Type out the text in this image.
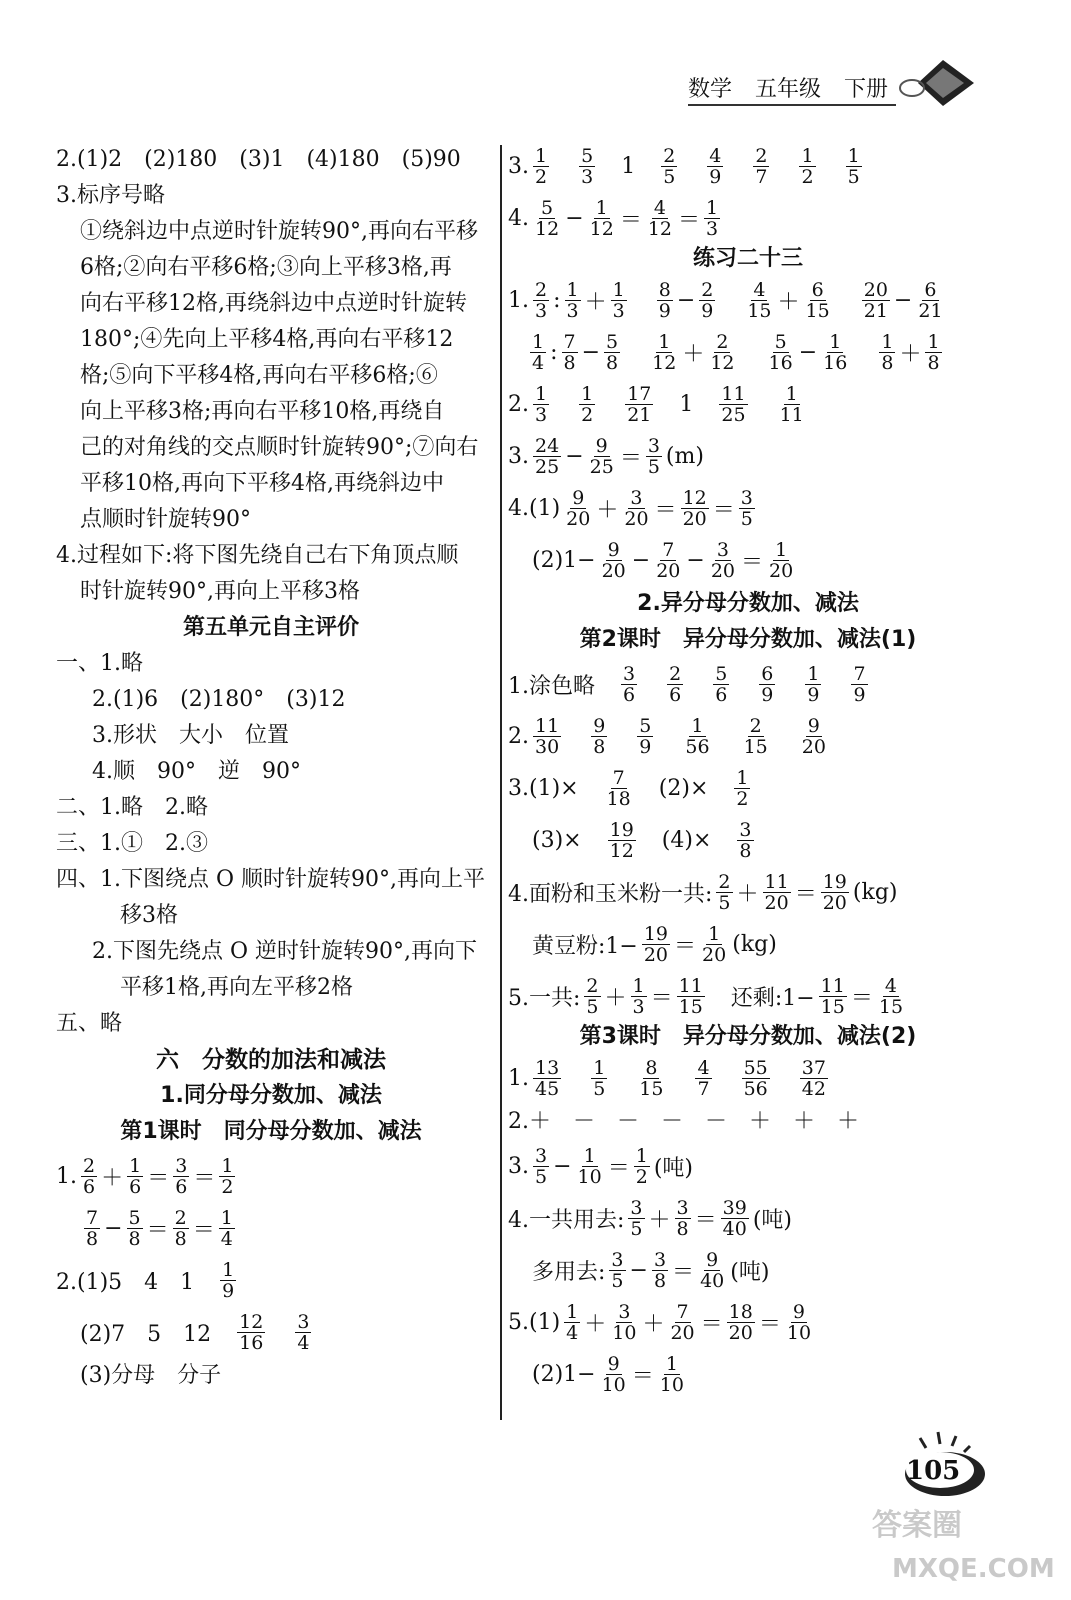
数学 五年级 下册
2.(1)2　(2)180　(3)1　(4)180　(5)90
3.标序号略
①绕斜边中点逆时针旋转90°,再向右平移
6格;②向右平移6格;③向上平移3格,再
向右平移12格,再绕斜边中点逆时针旋转
180°;④先向上平移4格,再向右平移12
格;⑤向下平移4格,再向右平移6格;⑥
向上平移3格;再向右平移10格,再绕自
己的对角线的交点顺时针旋转90°;⑦向右
平移10格,再向下平移4格,再绕斜边中
点顺时针旋转90°
4.过程如下:将下图先绕自己右下角顶点顺
时针旋转90°,再向上平移3格
第五单元自主评价
一、1.略
2.(1)6　(2)180°　(3)12
3.形状　大小　位置
4.顺　90°　逆　90°
二、1.略　2.略
三、1.①　2.③
四、1.下图绕点 O 顺时针旋转90°,再向上平
移3格
2.下图先绕点 O 逆时针旋转90°,再向下
平移1格,再向左平移2格
五、略
六　分数的加法和减法
1.同分母分数加、减法
第1课时　同分母分数加、减法
1. $\frac{2}{6} + \frac{1}{6} = \frac{3}{6} = \frac{1}{2}$
$\frac{7}{8} - \frac{5}{8} = \frac{2}{8} = \frac{1}{4}$
2.(1)5　4　$1 \frac{1}{9}$
(2)7　5　$12 \frac{12}{16} \frac{3}{4}$
(3)分母　分子
3. $\frac{1}{2} \frac{5}{3} 1 \frac{2}{5} \frac{4}{9} \frac{2}{7} \frac{1}{2} \frac{1}{5}$
4. $\frac{5}{12} - \frac{1}{12} = \frac{4}{12} = \frac{1}{3}$
练习二十三
1. $\frac{2}{3}$ : $\frac{1}{3} + \frac{1}{3} \frac{8}{9} - \frac{2}{9} \frac{4}{15} + \frac{6}{15} \frac{20}{21} - \frac{6}{21}$
$\frac{1}{4}$ : $\frac{7}{8} - \frac{5}{8} \frac{1}{12} + \frac{2}{12} \frac{5}{16} - \frac{1}{16} \frac{1}{8} + \frac{1}{8}$
2. $\frac{1}{3} \frac{1}{2} \frac{17}{21} 1 \frac{11}{25} \frac{1}{11}$
3. $\frac{24}{25} - \frac{9}{25} = \frac{3}{5} (m)$
$4.(1) \frac{9}{20} + \frac{3}{20} = \frac{12}{20} = \frac{3}{5}$
$(2)1- \frac{9}{20} - \frac{7}{20} - \frac{3}{20} = \frac{1}{20}$
2.异分母分数加、减法
第2课时　异分母分数加、减法(1)
1.涂色略 $\frac{3}{6} \frac{2}{6} \frac{5}{6} \frac{6}{9} \frac{1}{9} \frac{7}{9}$
2. $\frac{11}{30} \frac{9}{8} \frac{5}{9} \frac{1}{56} \frac{2}{15} \frac{9}{20}$
$3.(1)\times \frac{7}{18} (2)\times \frac{1}{2}$
$(3)\times \frac{19}{12} (4)\times \frac{3}{8}$
4.面粉和玉米粉一共: $\frac{2}{5} + \frac{11}{20} = \frac{19}{20} (kg)$
黄豆粉:1− $\frac{19}{20} = \frac{1}{20} (kg)$
5.一共: $\frac{2}{5} + \frac{1}{3} = \frac{11}{15}$ 还剩:1− $\frac{11}{15} = \frac{4}{15}$
第3课时　异分母分数加、减法(2)
1. $\frac{13}{45} \frac{1}{5} \frac{8}{15} \frac{4}{7} \frac{55}{56} \frac{37}{42}$
2.＋　－　－　－　－　＋　＋　＋
3. $\frac{3}{5} - \frac{1}{10} = \frac{1}{2}$ (吨)
4.一共用去: $\frac{3}{5} + \frac{3}{8} = \frac{39}{40}$ (吨)
多用去: $\frac{3}{5} - \frac{3}{8} = \frac{9}{40}$ (吨)
$5.(1) \frac{1}{4} + \frac{3}{10} + \frac{7}{20} = \frac{18}{20} = \frac{9}{10}$
$(2)1- \frac{9}{10} = \frac{1}{10}$
105
答案圈
MXQE.COM
